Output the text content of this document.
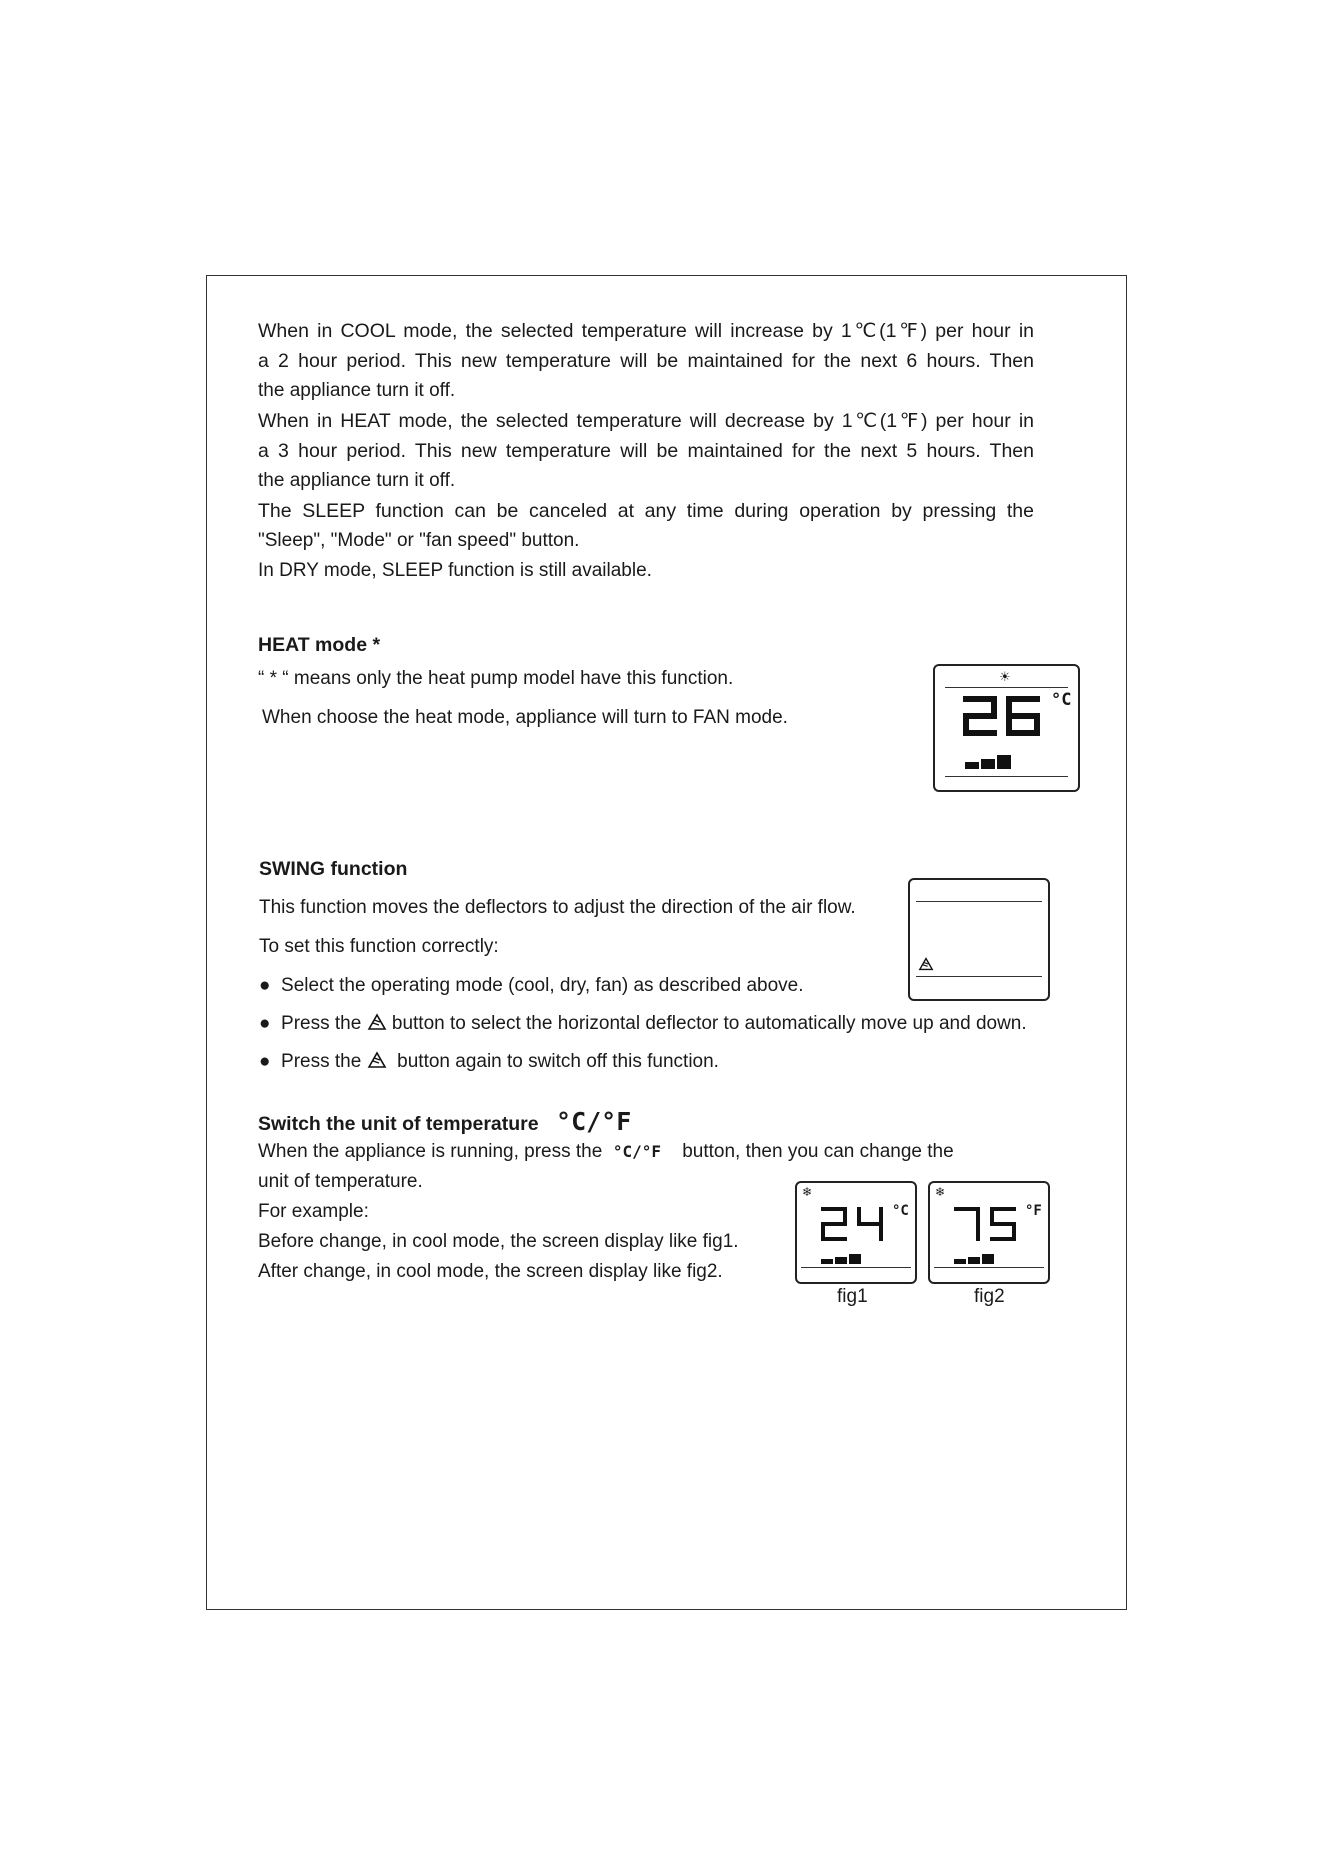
When in COOL mode, the selected temperature will increase by 1℃(1℉) per hour in

a 2 hour period. This new temperature will be maintained for the next 6 hours. Then

the appliance turn it off.

When in HEAT mode, the selected temperature will decrease by 1℃(1℉) per hour in

a 3 hour period. This new temperature will be maintained for the next 5 hours. Then

the appliance turn it off.

The SLEEP function can be canceled at any time during operation by pressing the

"Sleep", "Mode" or "fan speed" button.

In DRY mode, SLEEP function is still available.

HEAT mode *

“ * “ means only the heat pump model have this function.

When choose the heat mode, appliance will turn to FAN mode.

☀
°C

SWING function

This function moves the deflectors to adjust the direction of the air flow.

To set this function correctly:

●  Select the operating mode (cool, dry, fan) as described above.

●  Press the button to select the horizontal deflector to automatically move up and down.

●  Press the button again to switch off this function.

Switch the unit of temperature °C/°F

When the appliance is running, press the °C/°F button, then you can change the

unit of temperature.

For example:

Before change, in cool mode, the screen display like fig1.

After change, in cool mode, the screen display like fig2.

❄
°C
fig1
❄
°F
fig2
